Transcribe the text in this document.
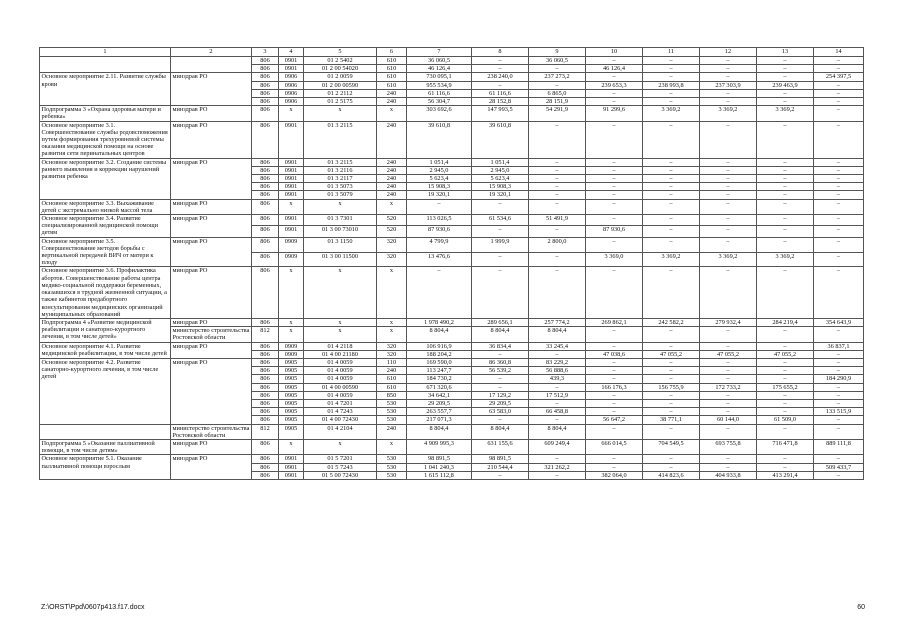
1	2	3	4	5	6	7	8	9	10	11	12	13	14
		806	0901	01 2 5402	610	36 060,5	–	36 060,5	–	–	–	–	–
		806	0901	01 2 00 54020	610	46 126,4	–	–	46 126,4	–	–	–	–
Основное мероприятие 2.11. Развитие службы крови	минздрав РО	806	0906	01 2 0059	610	730 095,1	238 240,0	237 273,2	–	–	–	–	254 397,5
		806	0906	01 2 00 00590	610	955 534,9	–	–	239 653,3	238 993,8	237 303,9	239 463,9	–
		806	0906	01 2 2112	240	61 116,6	61 116,6	6 865,0	–	–	–	–	–
		806	0906	01 2 5175	240	56 304,7	28 152,8	28 151,9	–	–	–	–	–
Подпрограмма 3 «Охрана здоровья матери и ребенка»	минздрав РО	806	х	х	х	303 692,6	147 993,5	54 291,9	91 299,6	3 369,2	3 369,2	3 369,2	–
Основное мероприятие 3.1. Совершенствование службы родовспоможения путем формирования трехуровневой системы оказания медицинской помощи на основе развития сети перинатальных центров	минздрав РО	806	0901	01 3 2115	240	39 610,8	39 610,8	–	–	–	–	–	–
Основное мероприятие 3.2. Создание системы раннего выявления и коррекции нарушений развития ребенка	минздрав РО	806	0901	01 3 2115	240	1 051,4	1 051,4	–	–	–	–	–	–
		806	0901	01 3 2116	240	2 945,0	2 945,0	–	–	–	–	–	–
		806	0901	01 3 2117	240	5 623,4	5 623,4	–	–	–	–	–	–
		806	0901	01 3 5073	240	15 908,3	15 908,3	–	–	–	–	–	–
		806	0901	01 3 5079	240	19 320,1	19 320,1	–	–	–	–	–	–
Основное мероприятие 3.3. Выхаживание детей с экстремально низкой массой тела	минздрав РО	806	х	х	х	–	–	–	–	–	–	–	–
Основное мероприятие 3.4. Развитие специализированной медицинской помощи детям	минздрав РО	806	0901	01 3 7301	520	113 026,5	61 534,6	51 491,9	–	–	–	–	–
		806	0901	01 3 00 73010	520	87 930,6	–	–	87 930,6	–	–	–	–
Основное мероприятие 3.5. Совершенствование методов борьбы с вертикальной передачей ВИЧ от матери к плоду	минздрав РО	806	0909	01 3 1150	320	4 799,9	1 999,9	2 800,0	–	–	–	–	–
		806	0909	01 3 00 11500	320	13 476,6	–	–	3 369,0	3 369,2	3 369,2	3 369,2	–
Основное мероприятие 3.6. Профилактика абортов. Совершенствование работы центра медико-социальной поддержки беременных, оказавшихся в трудной жизненной ситуации, а также кабинетов предабортного консультирования медицинских организаций муниципальных образований	минздрав РО	806	х	х	х	–	–	–	–	–	–	–	–
Подпрограмма 4 «Развитие медицинской реабилитации и санаторно-курортного лечения, в том числе детей»	минздрав РО	806	х	х	х	1 978 490,2	289 656,1	257 774,2	269 862,1	242 582,2	279 932,4	284 219,4	354 643,9
	министерство строительства Ростовской области	812	х	х	х	8 804,4	8 804,4	8 804,4	–	–	–	–	–
Основное мероприятие 4.1. Развитие медицинской реабилитации, в том числе детей	минздрав РО	806	0909	01 4 2118	320	106 916,9	36 834,4	33 245,4	–	–	–	–	36 837,1
		806	0909	01 4 00 21180	320	188 204,2	–	–	47 038,6	47 055,2	47 055,2	47 055,2	–
Основное мероприятие 4.2. Развитие санаторно-курортного лечения, в том числе детей	минздрав РО	806	0905	01 4 0059	110	169 590,0	86 360,8	83 229,2	–	–	–	–	–
		806	0905	01 4 0059	240	113 247,7	56 539,2	56 888,6	–	–	–	–	–
		806	0905	01 4 0059	610	184 730,2	–	439,3	–	–	–	–	184 290,9
		806	0905	01 4 00 00590	610	671 320,6	–	–	166 176,3	156 755,9	172 733,2	175 655,2	–
		806	0905	01 4 0059	850	34 642,1	17 129,2	17 512,9	–	–	–	–	–
		806	0905	01 4 7201	530	29 209,5	29 209,5	–	–	–	–	–	–
		806	0905	01 4 7243	530	263 557,7	63 583,0	66 458,8	–	–	–	–	133 515,9
		806	0905	01 4 00 72430	530	217 071,3	–	–	56 647,2	38 771,1	60 144,0	61 509,0	–
	министерство строительства Ростовской области	812	0905	01 4 2104	240	8 804,4	8 804,4	8 804,4	–	–	–	–	–
Подпрограмма 5 «Оказание паллиативной помощи, в том числе детям»	минздрав РО	806	х	х	х	4 909 995,3	631 155,6	609 249,4	666 014,5	704 549,5	693 755,8	716 471,8	889 111,8
Основное мероприятие 5.1. Оказание паллиативной помощи взрослым	минздрав РО	806	0901	01 5 7201	530	98 891,5	98 891,5	–	–	–	–	–	–
		806	0901	01 5 7243	530	1 041 240,3	210 544,4	321 262,2	–	–	–	–	509 433,7
		806	0901	01 5 00 72430	530	1 615 112,8	–	–	382 064,0	414 823,6	404 933,8	413 291,4	–
Z:\ORST\Ppd\0607p413.f17.docx	60
